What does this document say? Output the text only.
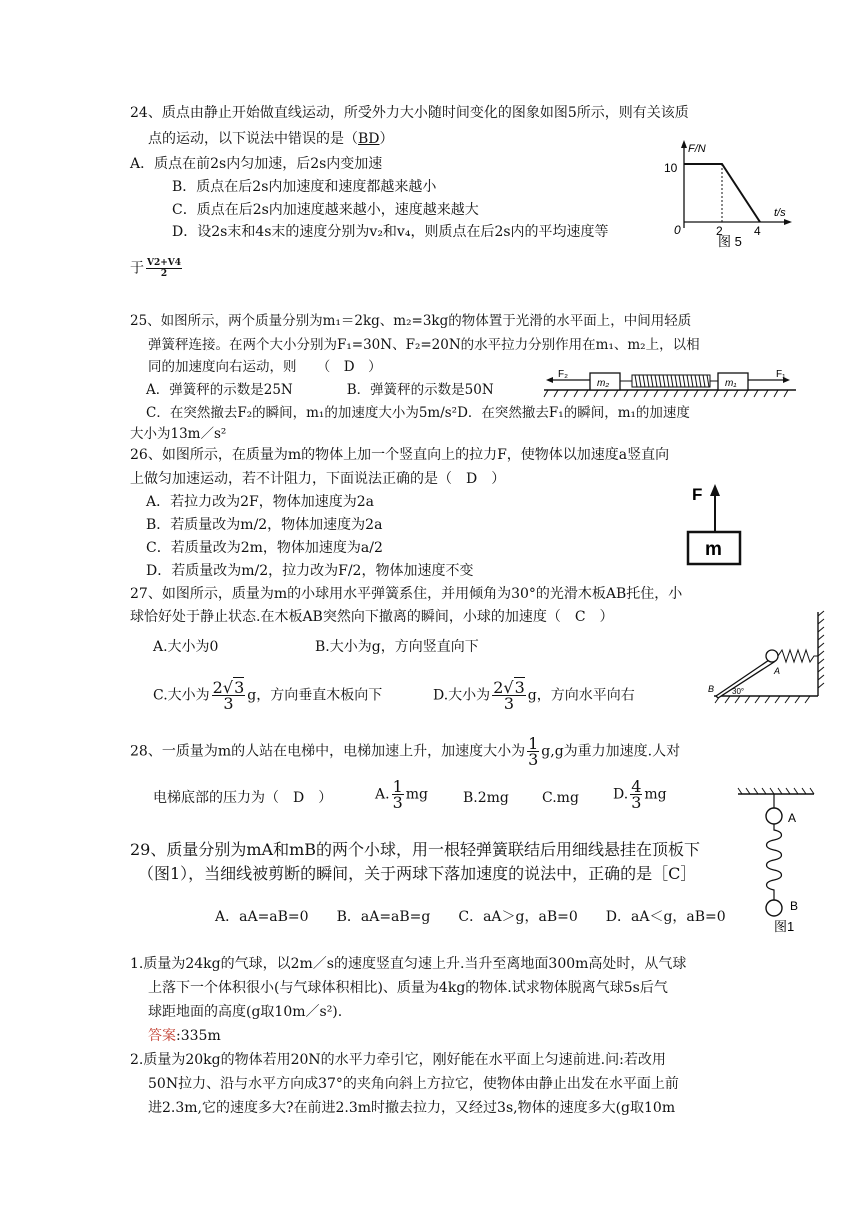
24、质点由静止开始做直线运动，所受外力大小随时间变化的图象如图5所示，则有关该质
点的运动，以下说法中错误的是（BD）
A．质点在前2s内匀加速，后2s内变加速
B．质点在后2s内加速度和速度都越来越小
C．质点在后2s内加速度越来越小，速度越来越大
D．设2s末和4s末的速度分别为v₂和v₄，则质点在后2s内的平均速度等
于 $\frac{V2+V4}{2}$
F/N
10
0	2	4
t/s
图 5
25、如图所示，两个质量分别为m₁＝2kg、m₂=3kg的物体置于光滑的水平面上，中间用轻质
弹簧秤连接。在两个大小分别为F₁=30N、F₂=20N的水平拉力分别作用在m₁、m₂上，以相
同的加速度向右运动，则　　（　D　）
A．弹簧秤的示数是25N　　　　B．弹簧秤的示数是50N
C．在突然撤去F₂的瞬间，m₁的加速度大小为5m/s²D．在突然撤去F₁的瞬间，m₁的加速度
大小为13m／s²
F₂
m₂	m₁
F₁
26、如图所示，在质量为m的物体上加一个竖直向上的拉力F，使物体以加速度a竖直向
上做匀加速运动，若不计阻力，下面说法正确的是（　D　）
A．若拉力改为2F，物体加速度为2a
B．若质量改为m/2，物体加速度为2a
C．若质量改为2m，物体加速度为a/2
D．若质量改为m/2，拉力改为F/2，物体加速度不变
F
m
27、如图所示，质量为m的小球用水平弹簧系住，并用倾角为30°的光滑木板AB托住，小
球恰好处于静止状态.在木板AB突然向下撤离的瞬间，小球的加速度（　C　）
A.大小为0	B.大小为g，方向竖直向下
C.大小为 $\frac{2√3}{3}$ g，方向垂直木板向下	D.大小为 $\frac{2√3}{3}$ g，方向水平向右
A
B 30°
28、一质量为m的人站在电梯中，电梯加速上升，加速度大小为 $\frac{1}{3} g,g$为重力加速度.人对
电梯底部的压力为（　D　）	A. $\frac{1}{3}$ mg	B.2mg C.mg D. $\frac{4}{3}$ mg
29、质量分别为mA和mB的两个小球，用一根轻弹簧联结后用细线悬挂在顶板下
（图1），当细线被剪断的瞬间，关于两球下落加速度的说法中，正确的是［C］
A．aA=aB=0　　B．aA=aB=g　　C．aA＞g，aB=0　　D．aA＜g，aB=0
A
B
图1
1.质量为24kg的气球，以2m／s的速度竖直匀速上升.当升至离地面300m高处时，从气球
上落下一个体积很小(与气球体积相比)、质量为4kg的物体.试求物体脱离气球5s后气
球距地面的高度(g取10m／s²).
答案:335m
2.质量为20kg的物体若用20N的水平力牵引它，刚好能在水平面上匀速前进.问:若改用
50N拉力、沿与水平方向成37°的夹角向斜上方拉它，使物体由静止出发在水平面上前
进2.3m,它的速度多大?在前进2.3m时撤去拉力，又经过3s,物体的速度多大(g取10m
